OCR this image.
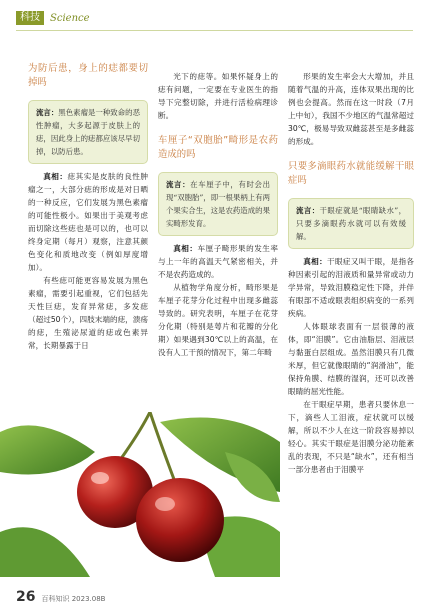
科技	Science
为防后患，身上的痣都要切掉吗
流言：黑色素瘤是一种致命的恶性肿瘤，大多起源于皮肤上的痣，因此身上的痣都应该尽早切掉，以防后患。

真相：痣其实是皮肤的良性肿瘤之一，大部分痣的形成是对日晒的一种反应，它们发展为黑色素瘤的可能性极小。如果出于美观考虑而切除这些痣也是可以的，也可以终身定期（每月）观察，注意其颜色变化和质地改变（例如厚度增加）。

有些痣可能更容易发展为黑色素瘤，需要引起重视，它们包括先天性巨痣，发育异常痣，多发痣（超过50个），四肢末端的痣，溃疡的痣，生殖泌尿道的痣或色素异常，长期暴露于日

光下的痣等。如果怀疑身上的痣有问题，一定要在专业医生的指导下完整切除，并进行活检病理诊断。

车厘子“双胞胎”畸形是农药造成的吗
流言：在车厘子中，有时会出现“双胞胎”，即一根果柄上有两个果实合生，这是农药造成的果实畸形发育。

真相：车厘子畸形果的发生率与上一年的高温天气紧密相关，并不是农药造成的。

从植物学角度分析，畸形果是车厘子花芽分化过程中出现多雌蕊导致的。研究表明，车厘子在花芽分化期（特别是萼片和花瓣的分化期）如果遇到30℃以上的高温，在没有人工干预的情况下，第二年畸

形果的发生率会大大增加，并且随着气温的升高，连体双果出现的比例也会提高。然而在这一时段（7月上中旬），我国不少地区的气温常超过30℃，极易导致双雌蕊甚至是多雌蕊的形成。

只要多滴眼药水就能缓解干眼症吗
流言：干眼症就是“眼睛缺水”，只要多滴眼药水就可以有效缓解。

真相：干眼症又叫干眼，是指各种因素引起的泪液质和量异常或动力学异常，导致泪膜稳定性下降，并伴有眼部不适或眼表组织病变的一系列疾病。

人体眼球表面有一层很薄的液体，即“泪膜”。它由油脂层、泪液层与黏蛋白层组成。虽然泪膜只有几微米厚，但它就像眼睛的“润滑油”，能保持角膜、结膜的湿润，还可以改善眼睛的屈光性能。

在干眼症早期，患者只要休息一下，滴些人工泪液，症状就可以缓解，所以不少人在这一阶段容易掉以轻心。其实干眼症是泪膜分泌功能紊乱的表现，不只是“缺水”，还有相当一部分患者由于泪膜平

26 百科知识 2023.08B
